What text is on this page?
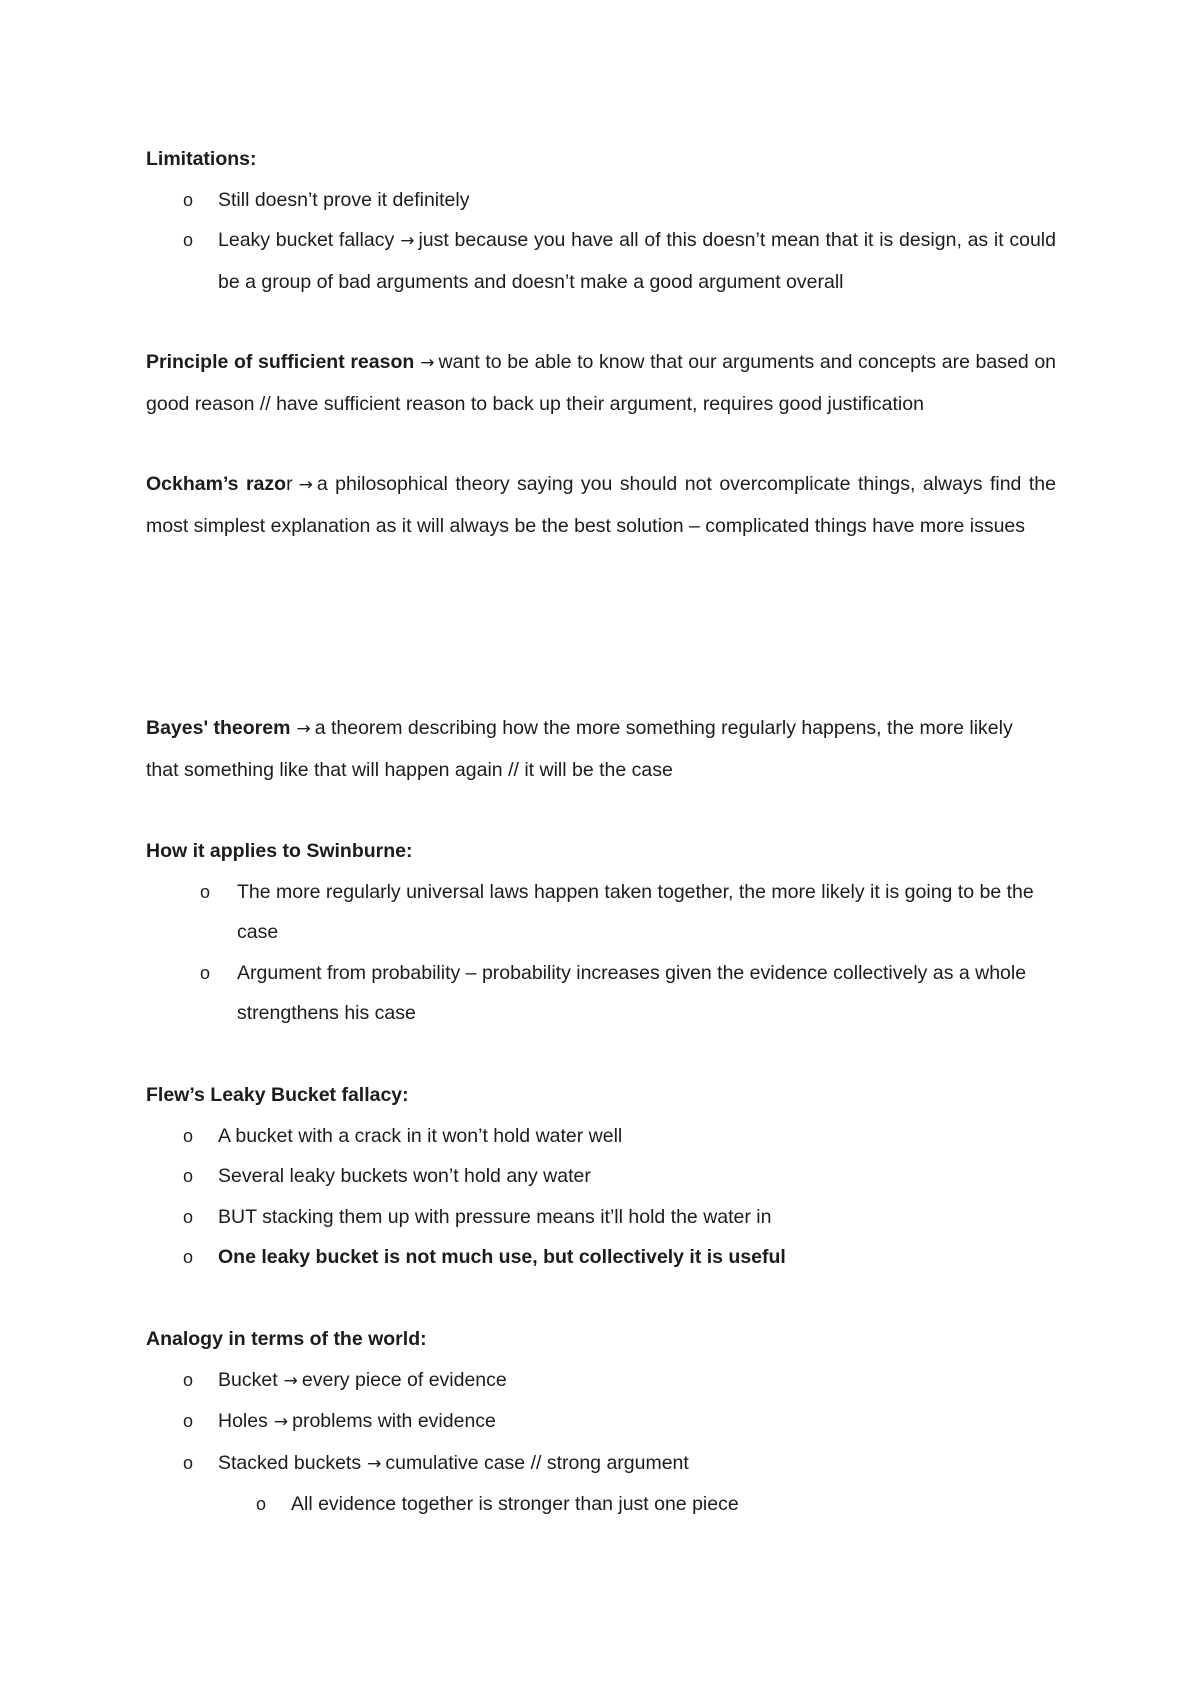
Limitations:
o Still doesn’t prove it definitely
o Leaky bucket fallacy → just because you have all of this doesn’t mean that it is design, as it could be a group of bad arguments and doesn’t make a good argument overall
Principle of sufficient reason → want to be able to know that our arguments and concepts are based on good reason // have sufficient reason to back up their argument, requires good justification
Ockham’s razor → a philosophical theory saying you should not overcomplicate things, always find the most simplest explanation as it will always be the best solution – complicated things have more issues
Bayes' theorem → a theorem describing how the more something regularly happens, the more likely that something like that will happen again // it will be the case
How it applies to Swinburne:
o The more regularly universal laws happen taken together, the more likely it is going to be the case
o Argument from probability – probability increases given the evidence collectively as a whole strengthens his case
Flew’s Leaky Bucket fallacy:
o A bucket with a crack in it won’t hold water well
o Several leaky buckets won’t hold any water
o BUT stacking them up with pressure means it’ll hold the water in
o One leaky bucket is not much use, but collectively it is useful
Analogy in terms of the world:
o Bucket → every piece of evidence
o Holes → problems with evidence
o Stacked buckets → cumulative case // strong argument
o All evidence together is stronger than just one piece
